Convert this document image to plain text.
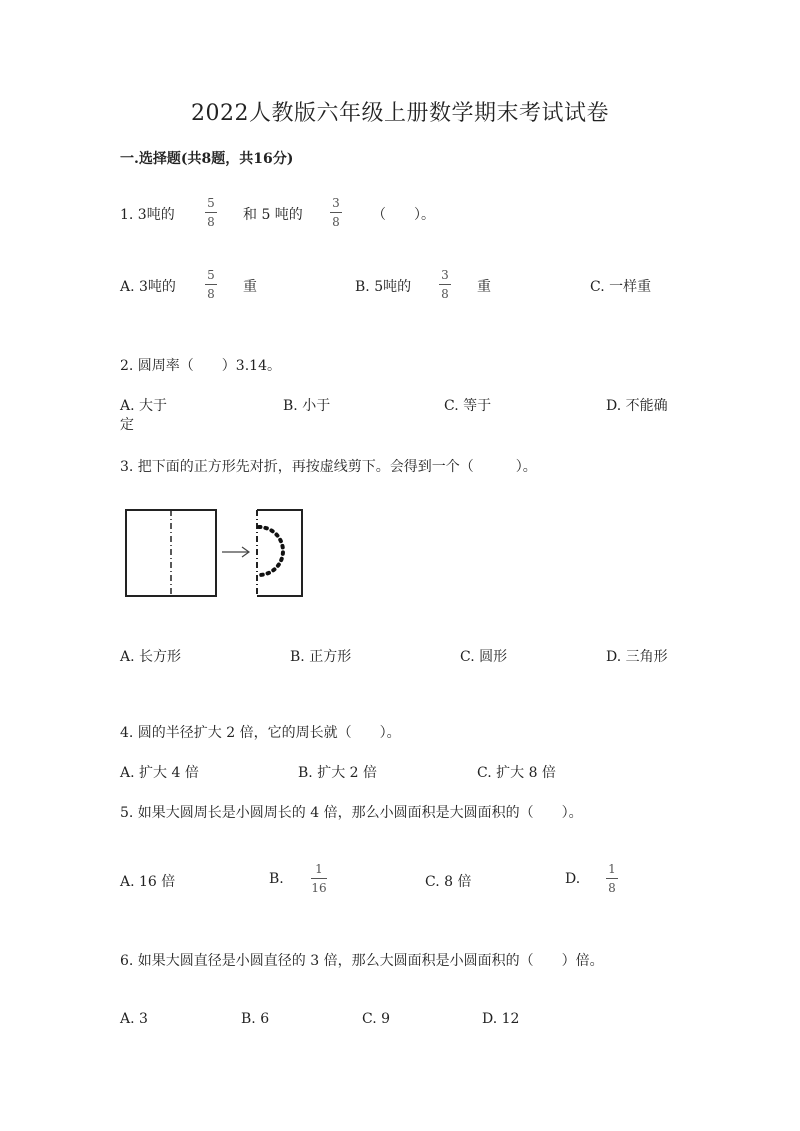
2022人教版六年级上册数学期末考试试卷
一.选择题(共8题，共16分)
1. 3吨的
5
8 和 5 吨的
3
8 （　　）。
A. 3吨的
5
8 重	B. 5吨的
3
8 重	C. 一样重
2. 圆周率（　　）3.14。
A. 大于	B. 小于	C. 等于	D. 不能确
定
3. 把下面的正方形先对折，再按虚线剪下。会得到一个（　　　）。
A. 长方形	B. 正方形	C. 圆形	D. 三角形
4. 圆的半径扩大 2 倍，它的周长就（　　）。
A. 扩大 4 倍	B. 扩大 2 倍	C. 扩大 8 倍
5. 如果大圆周长是小圆周长的 4 倍，那么小圆面积是大圆面积的（　　）。
A. 16 倍	B.
1
16	C. 8 倍	D.
1
8
6. 如果大圆直径是小圆直径的 3 倍，那么大圆面积是小圆面积的（　　）倍。
A. 3	B. 6	C. 9	D. 12
